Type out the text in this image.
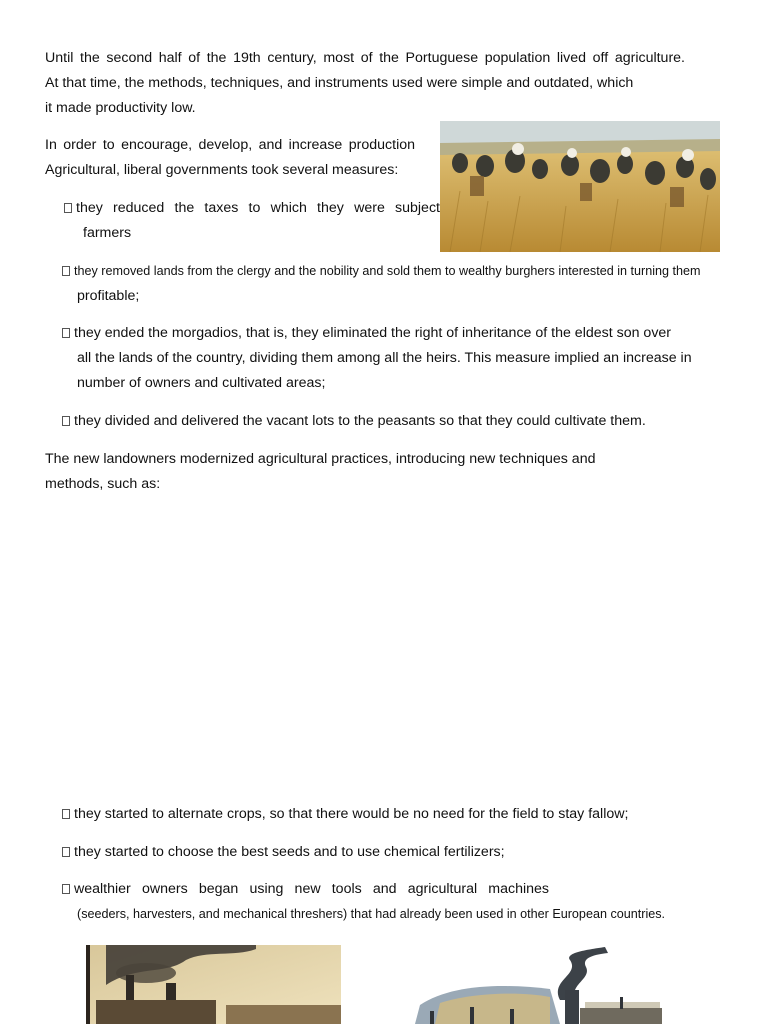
Until the second half of the 19th century, most of the Portuguese population lived off agriculture.
At that time, the methods, techniques, and instruments used were simple and outdated, which
it made productivity low.
In order to encourage, develop, and increase production
Agricultural, liberal governments took several measures:
they reduced the taxes to which they were subject
farmers
they removed lands from the clergy and the nobility and sold them to wealthy burghers interested in turning them
profitable;
they ended the morgadios, that is, they eliminated the right of inheritance of the eldest son over
all the lands of the country, dividing them among all the heirs. This measure implied an increase in
number of owners and cultivated areas;
they divided and delivered the vacant lots to the peasants so that they could cultivate them.
The new landowners modernized agricultural practices, introducing new techniques and
methods, such as:
they started to alternate crops, so that there would be no need for the field to stay fallow;
they started to choose the best seeds and to use chemical fertilizers;
wealthier owners began using new tools and agricultural machines
(seeders, harvesters, and mechanical threshers) that had already been used in other European countries.
